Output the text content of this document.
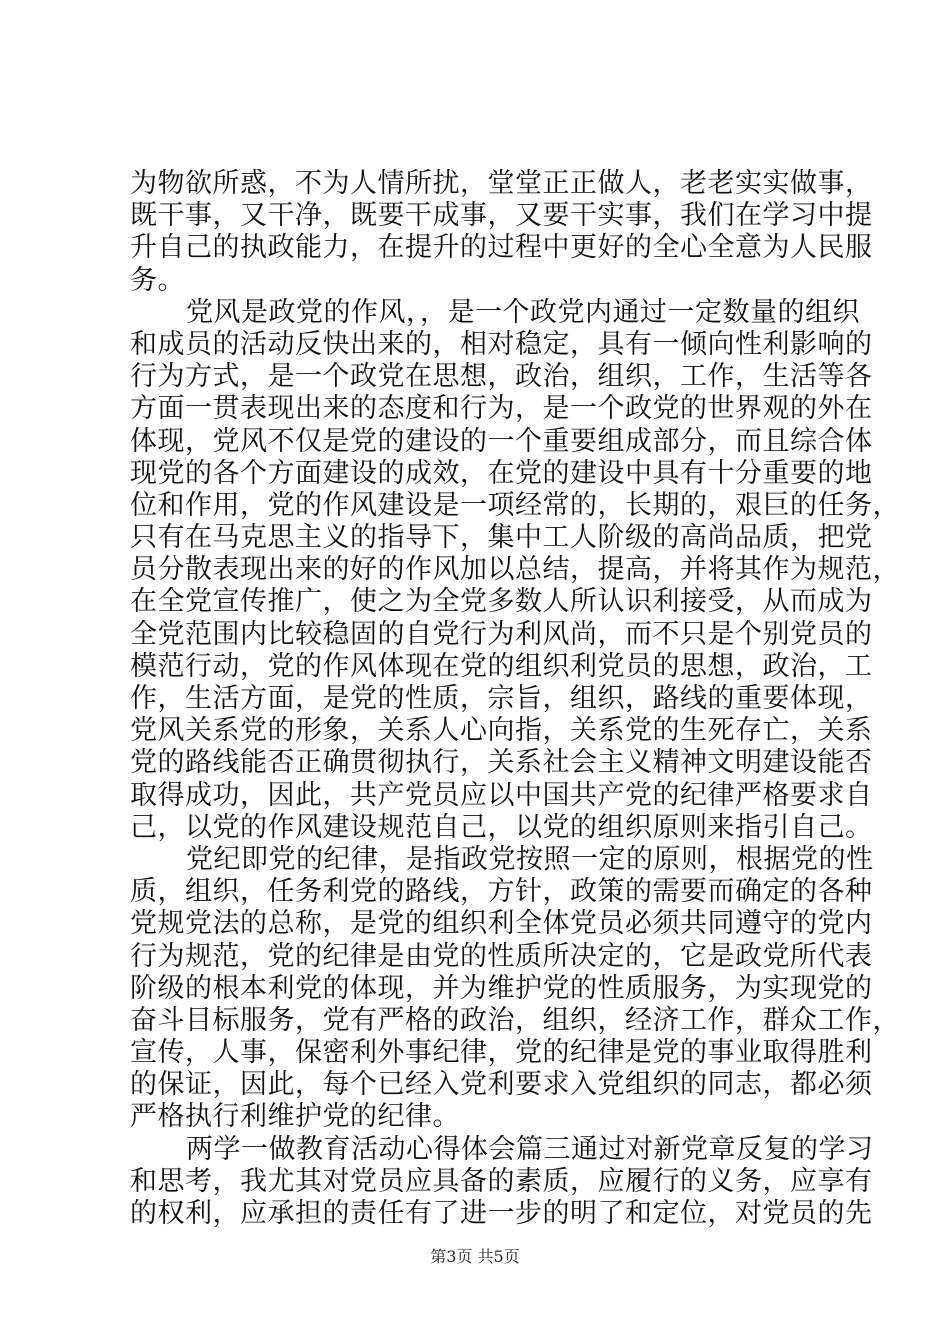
为物欲所惑，不为人情所扰，堂堂正正做人，老老实实做事，
既干事，又干净，既要干成事，又要干实事，我们在学习中提
升自己的执政能力，在提升的过程中更好的全心全意为人民服
务。
党风是政党的作风，，是一个政党内通过一定数量的组织
和成员的活动反快出来的，相对稳定，具有一倾向性利影响的
行为方式，是一个政党在思想，政治，组织，工作，生活等各
方面一贯表现出来的态度和行为，是一个政党的世界观的外在
体现，党风不仅是党的建设的一个重要组成部分，而且综合体
现党的各个方面建设的成效，在党的建设中具有十分重要的地
位和作用，党的作风建设是一项经常的，长期的，艰巨的任务，
只有在马克思主义的指导下，集中工人阶级的高尚品质，把党
员分散表现出来的好的作风加以总结，提高，并将其作为规范，
在全党宣传推广，使之为全党多数人所认识利接受，从而成为
全党范围内比较稳固的自党行为利风尚，而不只是个别党员的
模范行动，党的作风体现在党的组织利党员的思想，政治，工
作，生活方面，是党的性质，宗旨，组织，路线的重要体现，
党风关系党的形象，关系人心向指，关系党的生死存亡，关系
党的路线能否正确贯彻执行，关系社会主义精神文明建设能否
取得成功，因此，共产党员应以中国共产党的纪律严格要求自
己，以党的作风建设规范自己，以党的组织原则来指引自己。
党纪即党的纪律，是指政党按照一定的原则，根据党的性
质，组织，任务利党的路线，方针，政策的需要而确定的各种
党规党法的总称，是党的组织利全体党员必须共同遵守的党内
行为规范，党的纪律是由党的性质所决定的，它是政党所代表
阶级的根本利党的体现，并为维护党的性质服务，为实现党的
奋斗目标服务，党有严格的政治，组织，经济工作，群众工作，
宣传，人事，保密利外事纪律，党的纪律是党的事业取得胜利
的保证，因此，每个已经入党利要求入党组织的同志，都必须
严格执行利维护党的纪律。
两学一做教育活动心得体会篇三通过对新党章反复的学习
和思考，我尤其对党员应具备的素质，应履行的义务，应享有
的权利，应承担的责任有了进一步的明了和定位，对党员的先
第3页 共5页
